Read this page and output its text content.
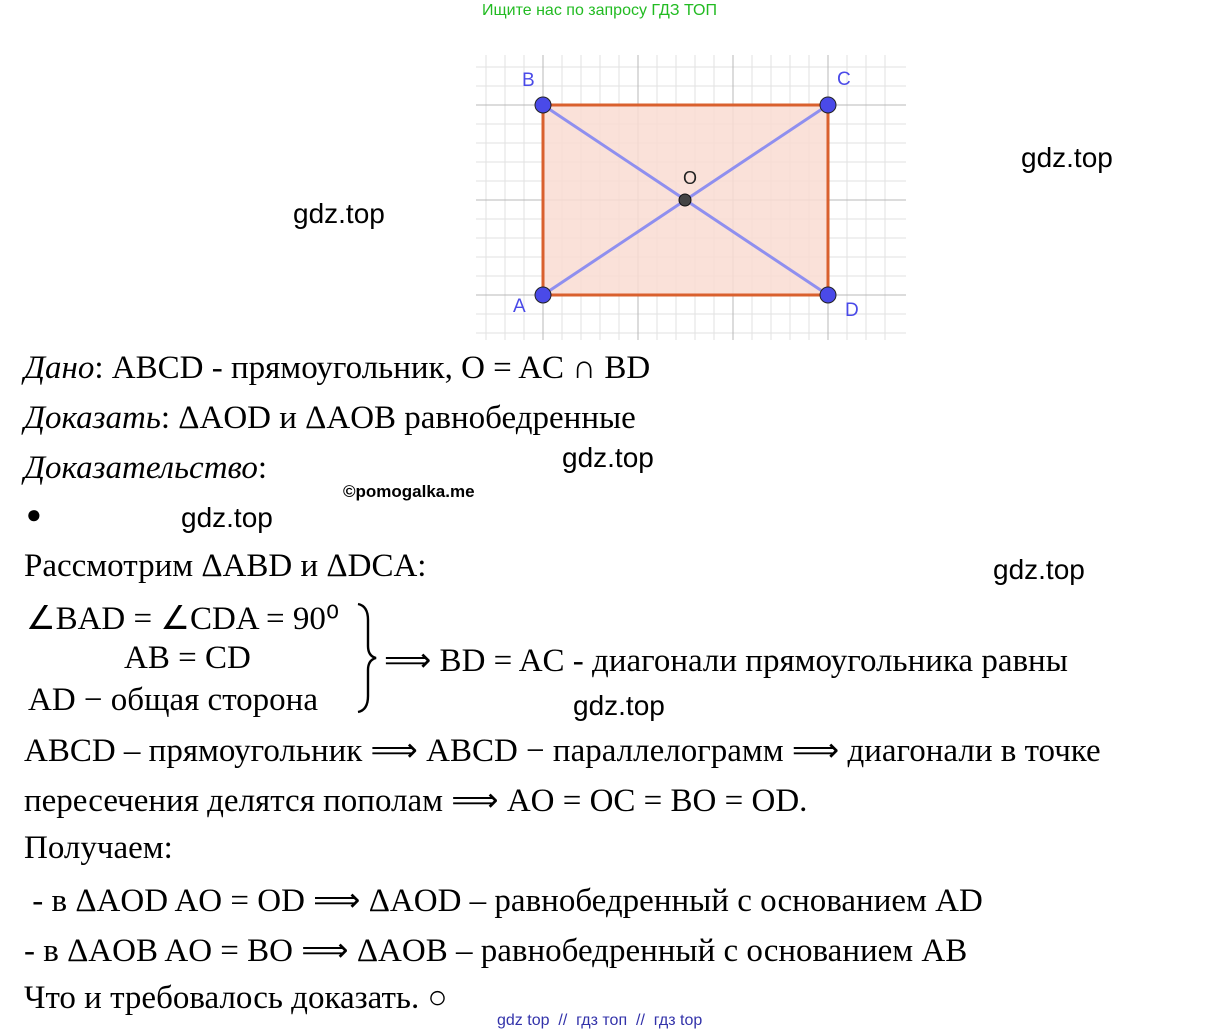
Ищите нас по запросу ГДЗ ТОП
A
B	C
D
O
gdz.top
gdz.top
gdz.top
gdz.top
gdz.top
gdz.top
©pomogalka.me
Дано: ABCD - прямоугольник, O = AC ∩ BD
Доказать: ΔAOD и ΔAOB равнобедренные
Доказательство:
●
Рассмотрим ΔABD и ΔDCA:
∠BAD = ∠CDA = 90⁰
AB = CD
AD − общая сторона
⟹ BD = AC - диагонали прямоугольника равны
ABCD – прямоугольник ⟹ ABCD − параллелограмм ⟹ диагонали в точке
пересечения делятся пополам ⟹ AO = OC = BO = OD.
Получаем:
- в ΔAOD AO = OD ⟹ ΔAOD – равнобедренный с основанием AD
- в ΔAOB AO = BO ⟹ ΔAOB – равнобедренный с основанием AB
Что и требовалось доказать. ○
gdz top  //  гдз топ  //  гдз top
